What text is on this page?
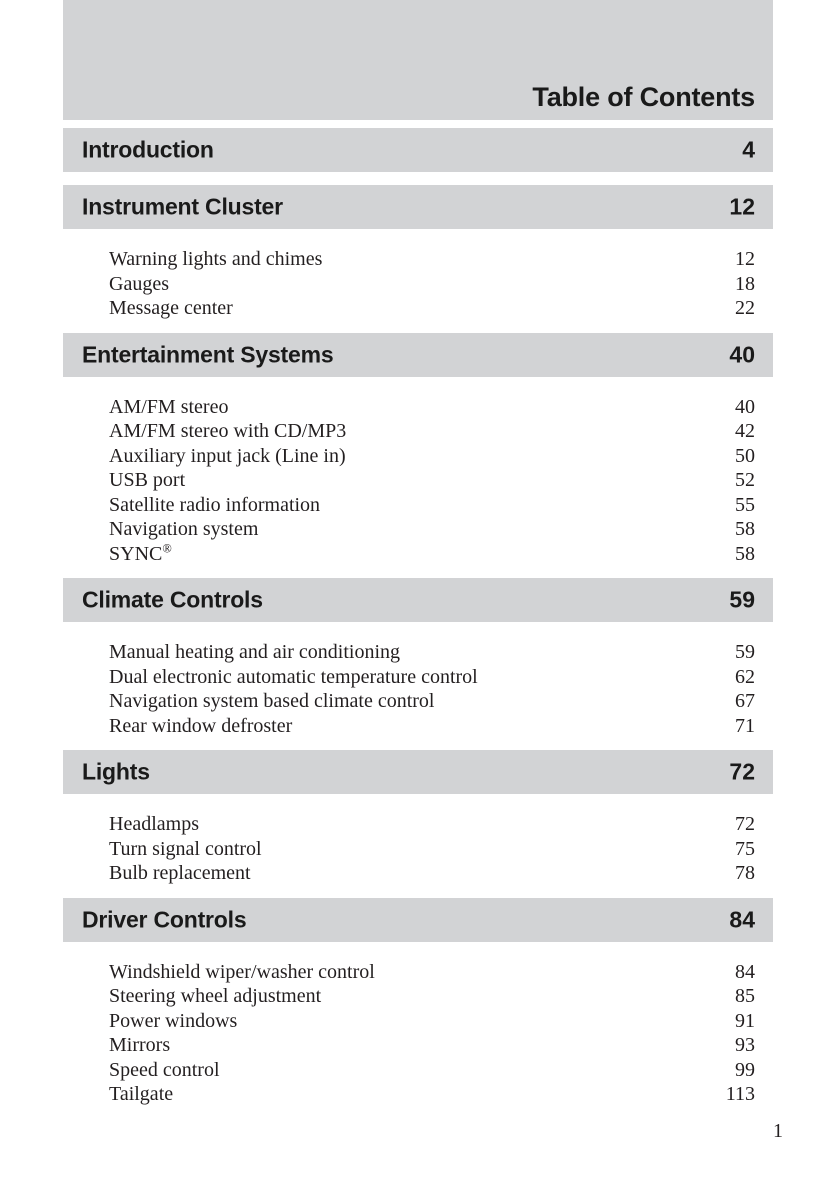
Table of Contents
Introduction	4
Instrument Cluster	12
Warning lights and chimes	12
Gauges	18
Message center	22
Entertainment Systems	40
AM/FM stereo	40
AM/FM stereo with CD/MP3	42
Auxiliary input jack (Line in)	50
USB port	52
Satellite radio information	55
Navigation system	58
SYNC®	58
Climate Controls	59
Manual heating and air conditioning	59
Dual electronic automatic temperature control	62
Navigation system based climate control	67
Rear window defroster	71
Lights	72
Headlamps	72
Turn signal control	75
Bulb replacement	78
Driver Controls	84
Windshield wiper/washer control	84
Steering wheel adjustment	85
Power windows	91
Mirrors	93
Speed control	99
Tailgate	113
1
